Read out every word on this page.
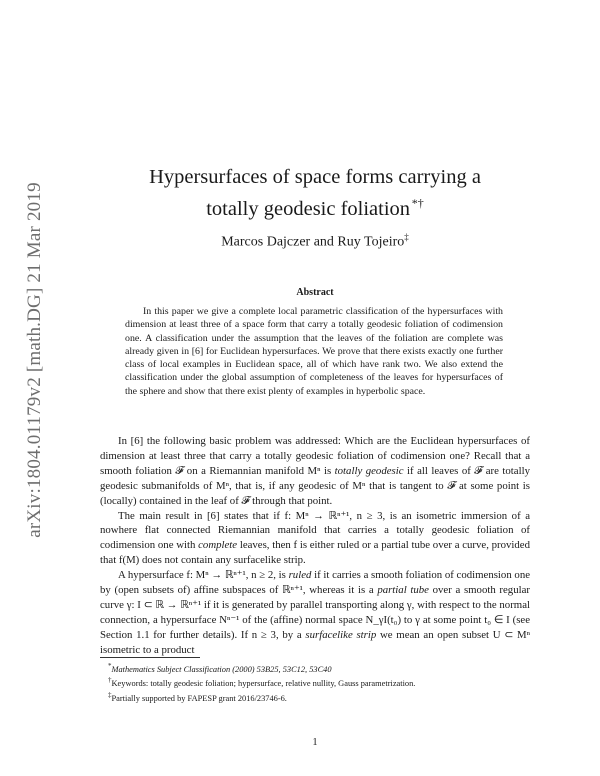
arXiv:1804.01179v2 [math.DG] 21 Mar 2019
Hypersurfaces of space forms carrying a
totally geodesic foliation  *†
Marcos Dajczer and Ruy Tojeiro‡
Abstract

In this paper we give a complete local parametric classification of the hypersurfaces with dimension at least three of a space form that carry a totally geodesic foliation of codimension one. A classification under the assumption that the leaves of the foliation are complete was already given in [6] for Euclidean hypersurfaces. We prove that there exists exactly one further class of local examples in Euclidean space, all of which have rank two. We also extend the classification under the global assumption of completeness of the leaves for hypersurfaces of the sphere and show that there exist plenty of examples in hyperbolic space.

In [6] the following basic problem was addressed: Which are the Euclidean hypersurfaces of dimension at least three that carry a totally geodesic foliation of codimension one? Recall that a smooth foliation 𝓕 on a Riemannian manifold Mⁿ is totally geodesic if all leaves of 𝓕 are totally geodesic submanifolds of Mⁿ, that is, if any geodesic of Mⁿ that is tangent to 𝓕 at some point is (locally) contained in the leaf of 𝓕 through that point.

The main result in [6] states that if f: Mⁿ → ℝⁿ⁺¹, n ≥ 3, is an isometric immersion of a nowhere flat connected Riemannian manifold that carries a totally geodesic foliation of codimension one with complete leaves, then f is either ruled or a partial tube over a curve, provided that f(M) does not contain any surfacelike strip.

A hypersurface f: Mⁿ → ℝⁿ⁺¹, n ≥ 2, is ruled if it carries a smooth foliation of codimension one by (open subsets of) affine subspaces of ℝⁿ⁺¹, whereas it is a partial tube over a smooth regular curve γ: I ⊂ ℝ → ℝⁿ⁺¹ if it is generated by parallel transporting along γ, with respect to the normal connection, a hypersurface Nⁿ⁻¹ of the (affine) normal space N_γI(t₀) to γ at some point t₀ ∈ I (see Section 1.1 for further details). If n ≥ 3, by a surfacelike strip we mean an open subset U ⊂ Mⁿ isometric to a product

*Mathematics Subject Classification (2000) 53B25, 53C12, 53C40
†Keywords: totally geodesic foliation; hypersurface, relative nullity, Gauss parametrization.
‡Partially supported by FAPESP grant 2016/23746-6.
1
